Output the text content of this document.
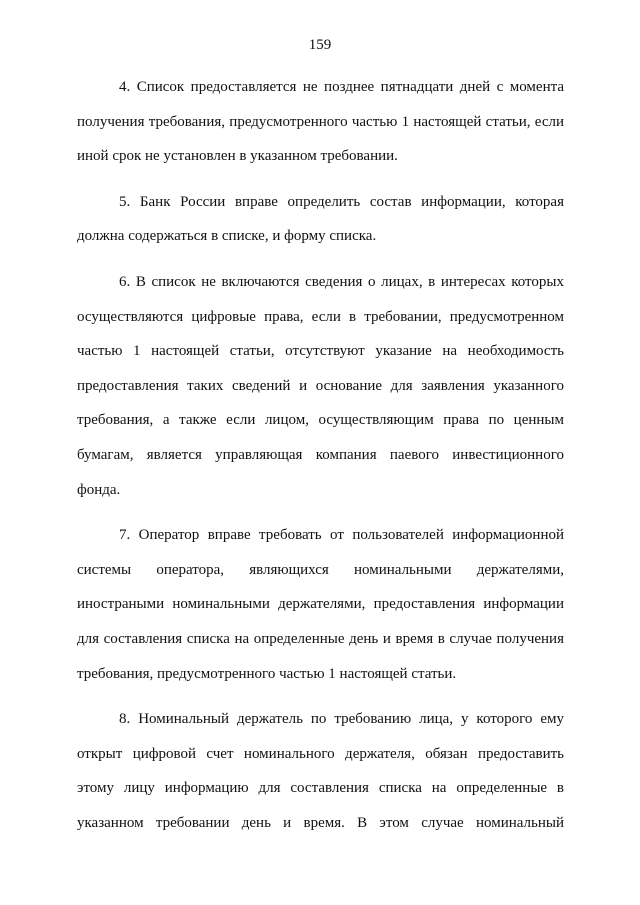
159

4. Список предоставляется не позднее пятнадцати дней с момента
получения требования, предусмотренного частью 1 настоящей статьи, если
иной срок не установлен в указанном требовании.

5. Банк России вправе определить состав информации, которая
должна содержаться в списке, и форму списка.

6. В список не включаются сведения о лицах, в интересах которых
осуществляются цифровые права, если в требовании, предусмотренном
частью 1 настоящей статьи, отсутствуют указание на необходимость
предоставления таких сведений и основание для заявления указанного
требования, а также если лицом, осуществляющим права по ценным
бумагам, является управляющая компания паевого инвестиционного
фонда.

7. Оператор вправе требовать от пользователей информационной
системы оператора, являющихся номинальными держателями,
иностраными номинальными держателями, предоставления информации
для составления списка на определенные день и время в случае получения
требования, предусмотренного частью 1 настоящей статьи.

8. Номинальный держатель по требованию лица, у которого ему
открыт цифровой счет номинального держателя, обязан предоставить
этому лицу информацию для составления списка на определенные в
указанном требовании день и время. В этом случае номинальный
